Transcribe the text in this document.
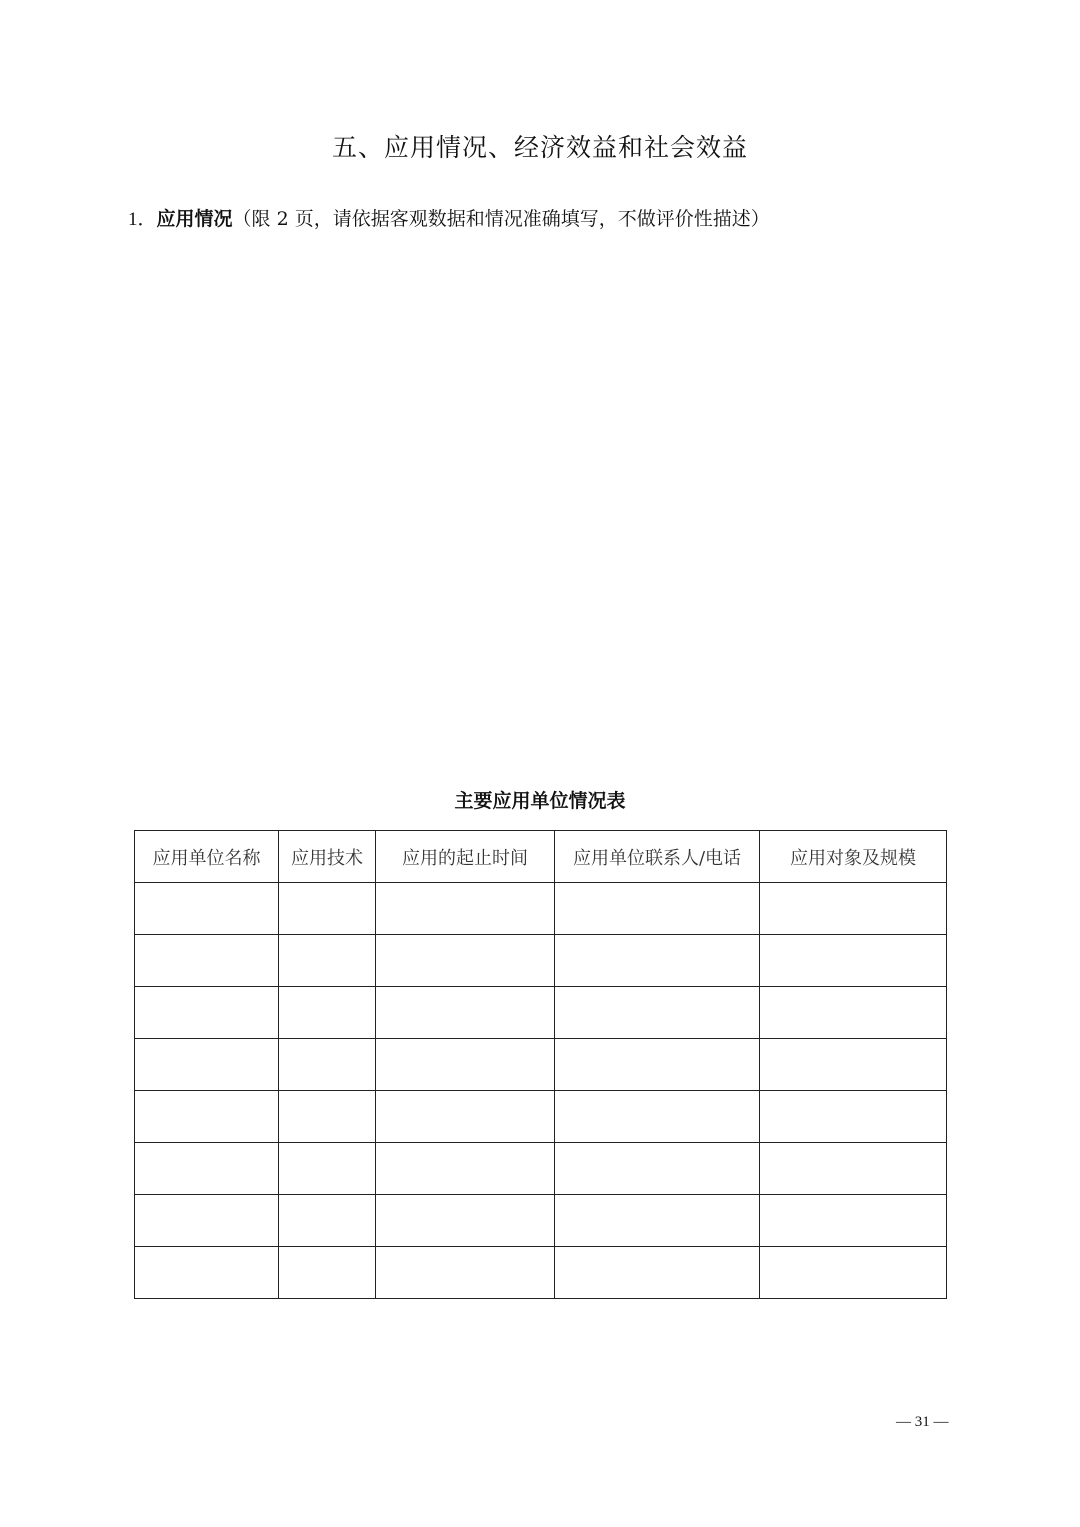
五、应用情况、经济效益和社会效益
1．应用情况（限 2 页，请依据客观数据和情况准确填写，不做评价性描述）
主要应用单位情况表
应用单位名称	应用技术	应用的起止时间	应用单位联系人/电话	应用对象及规模

— 31 —
